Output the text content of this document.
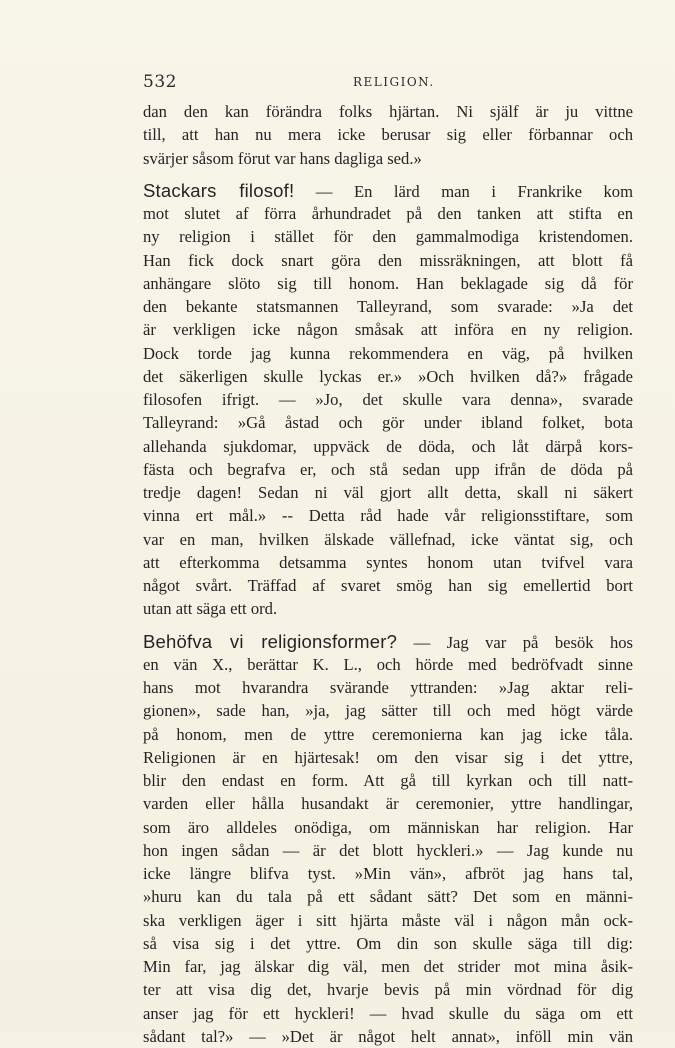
532	RELIGION.
dan den kan förändra folks hjärtan. Ni själf är ju vittne
till, att han nu mera icke berusar sig eller förbannar och
svärjer såsom förut var hans dagliga sed.»
Stackars filosof! — En lärd man i Frankrike kom
mot slutet af förra århundradet på den tanken att stifta en
ny religion i stället för den gammalmodiga kristendomen.
Han fick dock snart göra den missräkningen, att blott få
anhängare slöto sig till honom. Han beklagade sig då för
den bekante statsmannen Talleyrand, som svarade: »Ja det
är verkligen icke någon småsak att införa en ny religion.
Dock torde jag kunna rekommendera en väg, på hvilken
det säkerligen skulle lyckas er.» »Och hvilken då?» frågade
filosofen ifrigt. — »Jo, det skulle vara denna», svarade
Talleyrand: »Gå åstad och gör under ibland folket, bota
allehanda sjukdomar, uppväck de döda, och låt därpå kors-
fästa och begrafva er, och stå sedan upp ifrån de döda på
tredje dagen! Sedan ni väl gjort allt detta, skall ni säkert
vinna ert mål.» -- Detta råd hade vår religionsstiftare, som
var en man, hvilken älskade vällefnad, icke väntat sig, och
att efterkomma detsamma syntes honom utan tvifvel vara
något svårt. Träffad af svaret smög han sig emellertid bort
utan att säga ett ord.
Behöfva vi religionsformer? — Jag var på besök hos
en vän X., berättar K. L., och hörde med bedröfvadt sinne
hans mot hvarandra svärande yttranden: »Jag aktar reli-
gionen», sade han, »ja, jag sätter till och med högt värde
på honom, men de yttre ceremonierna kan jag icke tåla.
Religionen är en hjärtesak! om den visar sig i det yttre,
blir den endast en form. Att gå till kyrkan och till natt-
varden eller hålla husandakt är ceremonier, yttre handlingar,
som äro alldeles onödiga, om människan har religion. Har
hon ingen sådan — är det blott hyckleri.» — Jag kunde nu
icke längre blifva tyst. »Min vän», afbröt jag hans tal,
»huru kan du tala på ett sådant sätt? Det som en männi-
ska verkligen äger i sitt hjärta måste väl i någon mån ock-
så visa sig i det yttre. Om din son skulle säga till dig:
Min far, jag älskar dig väl, men det strider mot mina åsik-
ter att visa dig det, hvarje bevis på min vördnad för dig
anser jag för ett hyckleri! — hvad skulle du säga om ett
sådant tal?» — »Det är något helt annat», inföll min vän
